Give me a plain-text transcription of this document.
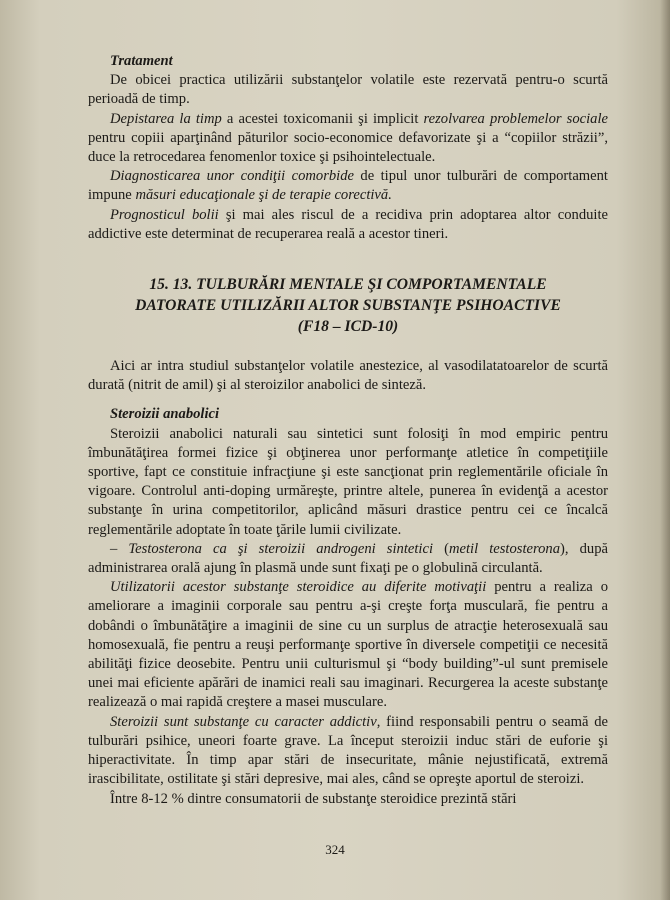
Tratament

De obicei practica utilizării substanţelor volatile este rezervată pentru-o scurtă perioadă de timp.

Depistarea la timp a acestei toxicomanii şi implicit rezolvarea problemelor sociale pentru copiii aparţinând păturilor socio-economice defavorizate şi a “copiilor străzii”, duce la retrocedarea fenomenlor toxice şi psihointelectuale.

Diagnosticarea unor condiţii comorbide de tipul unor tulburări de comportament impune măsuri educaţionale şi de terapie corectivă.

Prognosticul bolii şi mai ales riscul de a recidiva prin adoptarea altor conduite addictive este determinat de recuperarea reală a acestor tineri.

15. 13. TULBURĂRI MENTALE ŞI COMPORTAMENTALE
DATORATE UTILIZĂRII ALTOR SUBSTANŢE PSIHOACTIVE
(F18 – ICD-10)

Aici ar intra studiul substanţelor volatile anestezice, al vasodilatatoarelor de scurtă durată (nitrit de amil) şi al steroizilor anabolici de sinteză.

Steroizii anabolici

Steroizii anabolici naturali sau sintetici sunt folosiţi în mod empiric pentru îmbunătăţirea formei fizice şi obţinerea unor performanţe atletice în competiţiile sportive, fapt ce constituie infracţiune şi este sancţionat prin reglementările oficiale în vigoare. Controlul anti-doping urmăreşte, printre altele, punerea în evidenţă a acestor substanţe în urina competitorilor, aplicând măsuri drastice pentru cei ce încalcă reglementările adoptate în toate ţările lumii civilizate.

– Testosterona ca şi steroizii androgeni sintetici (metil testosterona), după administrarea orală ajung în plasmă unde sunt fixaţi pe o globulină circulantă.

Utilizatorii acestor substanţe steroidice au diferite motivaţii pentru a realiza o ameliorare a imaginii corporale sau pentru a-şi creşte forţa musculară, fie pentru a dobândi o îmbunătăţire a imaginii de sine cu un surplus de atracţie heterosexuală sau homosexuală, fie pentru a reuşi performanţe sportive în diversele competiţii ce necesită abilităţi fizice deosebite. Pentru unii culturismul şi “body building”-ul sunt premisele unei mai eficiente apărări de inamici reali sau imaginari. Recurgerea la aceste substanţe realizează o mai rapidă creştere a masei musculare.

Steroizii sunt substanţe cu caracter addictiv, fiind responsabili pentru o seamă de tulburări psihice, uneori foarte grave. La început steroizii induc stări de euforie şi hiperactivitate. În timp apar stări de insecuritate, mânie nejustificată, extremă irascibilitate, ostilitate şi stări depresive, mai ales, când se opreşte aportul de steroizi.

Între 8-12 % dintre consumatorii de substanţe steroidice prezintă stări

324
